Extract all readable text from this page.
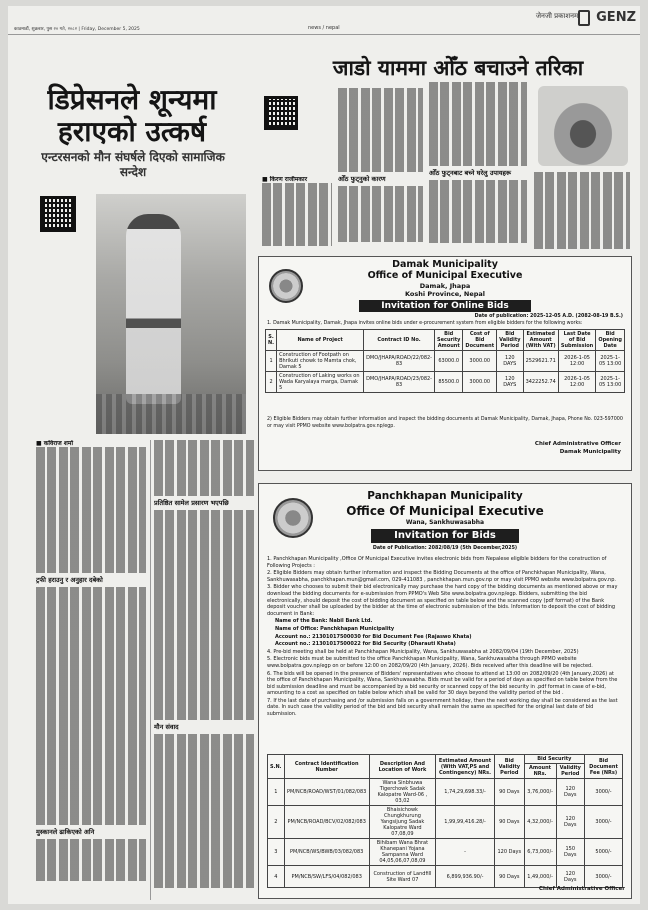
काठमाडौं, शुक्रबार, पुस २० गते, २०८२ | Friday, December 5, 2025	news / nepal
जेनजी प्रकाशनमा GENZ
डिप्रेसनले शून्यमा हराएको उत्कर्ष
एन्टरसनको मौन संघर्षले दिएको सामाजिक सन्देश
■ कविराज शर्मा
ट्रफी हराउनु र अनुहार दबेको
मुस्कानले ढाकिएको अनि
प्रतिष्ठित सामेल प्रसारण भएपछि
मौन संवाद
जाडो याममा ओँठ बचाउने तरिका
■ किरण राजीमकार	ओँठ फुट्नुको कारण
ओँठ फुट्नबाट बच्ने घरेलु उपायहरू
Damak Municipality
Office of Municipal Executive
Damak, Jhapa
Koshi Province, Nepal
Invitation for Online Bids
Date of publication: 2025-12-05 A.D. (2082-08-19 B.S.)
1. Damak Municipality, Damak, Jhapa invites online bids under e-procurement system from eligible bidders for the following works:
S. N.	Name of Project	Contract ID No.	Bid Security Amount	Cost of Bid Document	Bid Validity Period	Estimated Amount (With VAT)	Last Date of Bid Submission	Bid Opening Date
1	Construction of Footpath on Bhrikuti chowk to Mamta chok, Damak 5	DMO/JHAPA/ROAD/22/082-83	63000.0	3000.00	120 DAYS	2529621.71	2026-1-05 12:00	2025-1-05 13:00
2	Construction of Laking works on Wada Karyalaya marga, Damak 5	DMO/JHAPA/ROAD/23/082-83	85500.0	3000.00	120 DAYS	3422252.74	2026-1-05 12:00	2025-1-05 13:00
2) Eligible Bidders may obtain further information and inspect the bidding documents at Damak Municipality, Damak, Jhapa, Phone No. 023-597000 or may visit PPMO website www.bolpatra.gov.np/egp.
Chief Administrative Officer
Damak Municipality
Panchkhapan Municipality
Office Of Municipal Executive
Wana, Sankhuwasabha
Invitation for Bids
Date of Publication: 2082/08/19 (5th December,2025)

1. Panchkhapan Municipality ,Office Of Municipal Executive invites electronic bids from Nepalese eligible bidders for the construction of Following Projects :

2. Eligible Bidders may obtain further information and inspect the Bidding Documents at the office of Panchkhapan Municipality, Wana, Sankhuwasabha, panchkhapan.mun@gmail.com, 029-411083 , panchkhapan.mun.gov.np or may visit PPMO website www.bolpatra.gov.np.

3. Bidder who chooses to submit their bid electronically may purchase the hard copy of the bidding documents as mentioned above or may download the bidding documents for e-submission from PPMO's Web Site www.bolpatra.gov.np/egp. Bidders, submitting the bid electronically, should deposit the cost of bidding document as specified on table below and the scanned copy (pdf format) of the Bank deposit voucher shall be uploaded by the bidder at the time of electronic submission of the bids. Information to deposit the cost of bidding document in Bank:

Name of the Bank: Nabil Bank Ltd.

Name of Office: Panchkhapan Municipality

Account no.: 21301017500030 for Bid Document Fee (Rajaswo Khata)

Account no.: 21301017500022 for Bid Security (Dharauti Khata)

4. Pre-bid meeting shall be held at Panchkhapan Municipality, Wana, Sankhuwasabha at 2082/09/04 (19th December, 2025)

5. Electronic bids must be submitted to the office Panchkhapan Municipality, Wana, Sankhuwasabha through PPMO website www.bolpatra.gov.np/egp on or before 12:00 on 2082/09/20 (4th January, 2026). Bids received after this deadline will be rejected.

6. The bids will be opened in the presence of Bidders' representatives who choose to attend at 13:00 on 2082/09/20 (4th January,2026) at the office of Panchkhapan Municipality, Wana, Sankhuwasabha. Bids must be valid for a period of days as specified on table below from the bid submission deadline and must be accompanied by a bid security or scanned copy of the bid security in .pdf format in case of e-bid, amounting to a cost as specified on table below which shall be valid for 30 days beyond the validity period of the bid .

7. If the last date of purchasing and /or submission falls on a government holiday, then the next working day shall be considered as the last date. In such case the validity period of the bid and bid security shall remain the same as specified for the original last date of bid submission.

S.N.	Contract Identification Number	Description And Location of Work	Estimated Amount (With VAT,PS and Contingency) NRs.	Bid Validity Period	Bid Security		Bid Document Fee (NRs)
					Amount NRs.	Validity Period	
1	PM/NCB/ROAD/WST/01/082/083	Wana Sinbhuwa Tigerchowk Sadak Kalopatre Ward-06 , 03,02	1,74,29,698.33/-	90 Days	3,76,000/-	120 Days	3000/-
2	PM/NCB/ROAD/BCV/02/082/083	Bhaisichowk Chungkhurung Yangsijung Sadak Kalopatre Ward 07,08,09	1,99,99,416.28/-	90 Days	4,32,000/-	120 Days	3000/-
3	PM/NCB/WS/BWB/03/082/083	Bihibam Wana Bhrat Khanepani Yojana Sampanna Ward 04,05,06,07,08,09	-	120 Days	6,73,000/-	150 Days	5000/-
4	PM/NCB/SW/LFS/04/082/083	Construction of Landfill Site Ward 07	6,899,936.90/-	90 Days	1,49,000/-	120 Days	3000/-
Chief Administrative Officer
